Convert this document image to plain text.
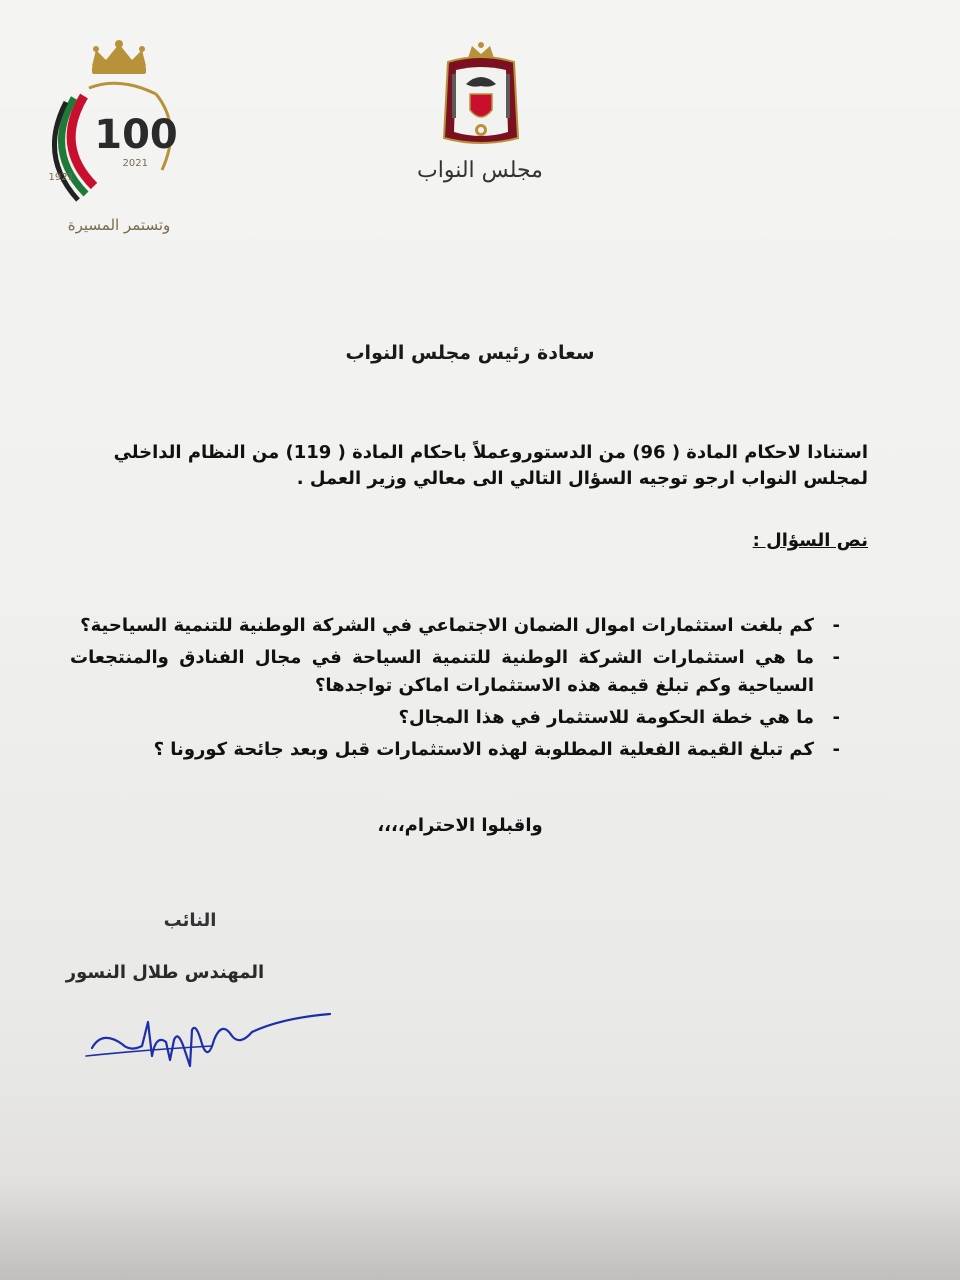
100
1921
2021
وتستمر المسيرة
مجلس النواب
سعادة رئيس مجلس النواب

استنادا لاحكام المادة ( 96) من الدستوروعملاً باحكام المادة ( 119) من النظام الداخلي

لمجلس النواب ارجو توجيه السؤال التالي الى معالي وزير العمل .

نص السؤال :
- كم بلغت استثمارات اموال الضمان الاجتماعي في الشركة الوطنية للتنمية السياحية؟
- ما هي استثمارات الشركة الوطنية للتنمية السياحة في مجال الفنادق والمنتجعات السياحية وكم تبلغ قيمة هذه الاستثمارات اماكن تواجدها؟
- ما هي خطة الحكومة للاستثمار في هذا المجال؟
- كم تبلغ القيمة الفعلية المطلوبة لهذه الاستثمارات قبل وبعد جائحة كورونا ؟
واقبلوا الاحترام،،،،
النائب
المهندس طلال النسور
